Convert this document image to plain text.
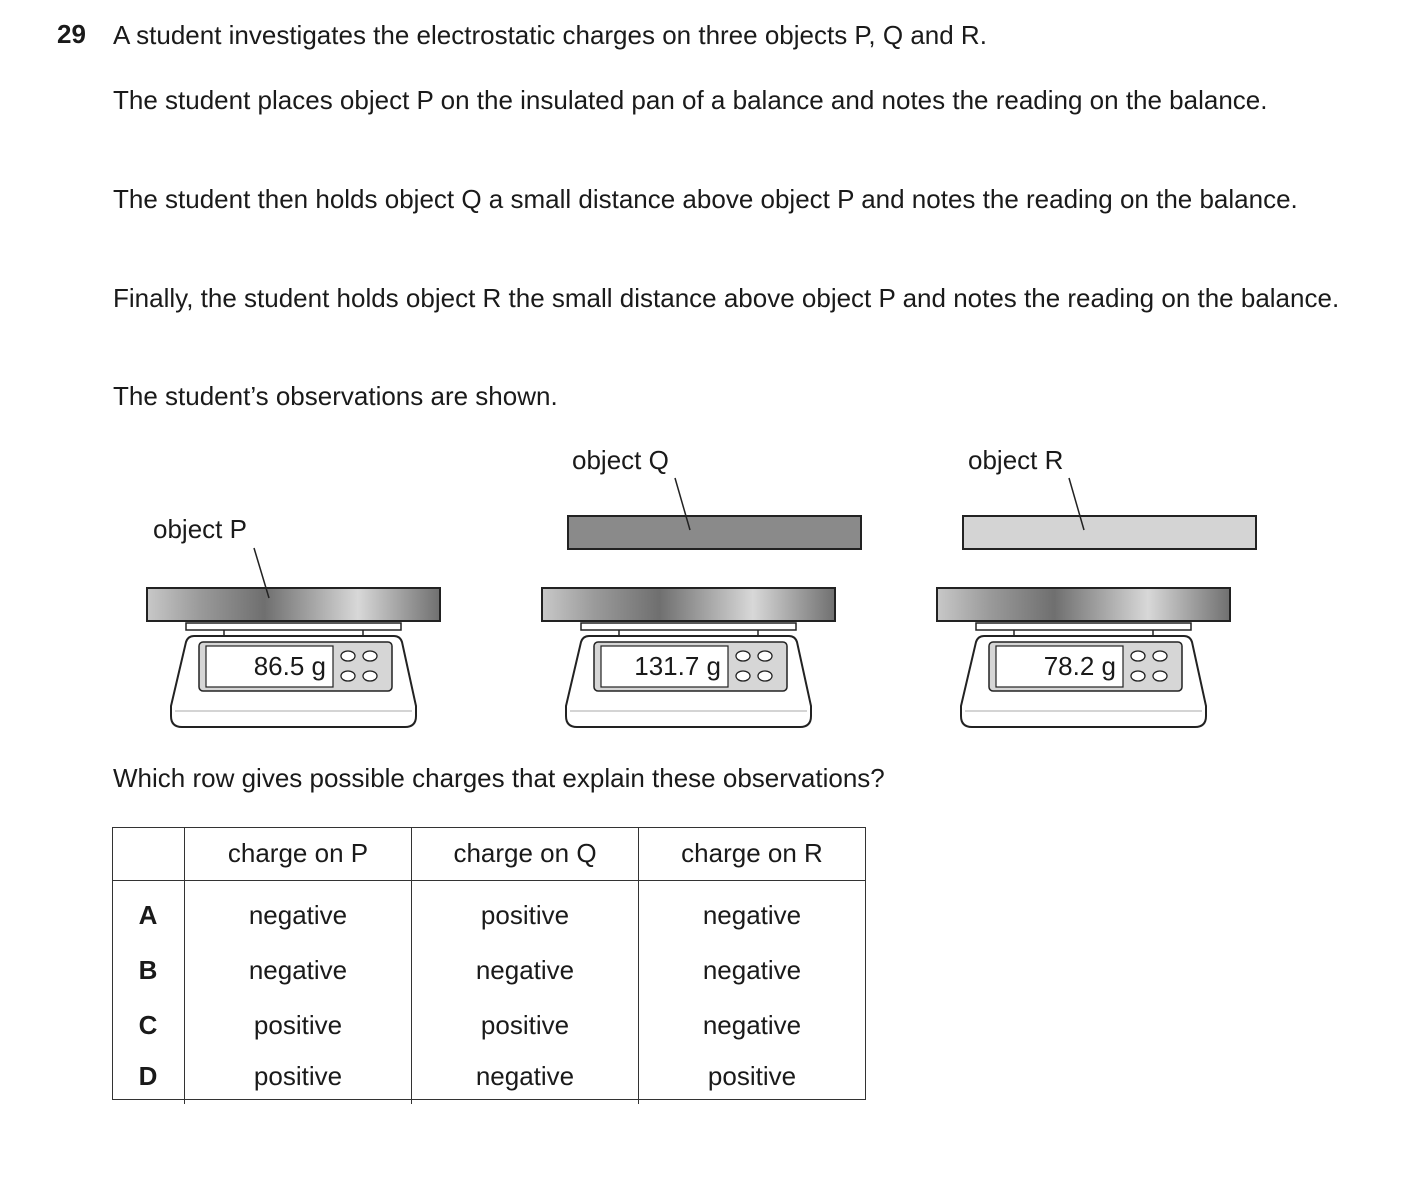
29 A student investigates the electrostatic charges on three objects P, Q and R.

The student places object P on the insulated pan of a balance and notes the reading on the balance.

The student then holds object Q a small distance above object P and notes the reading on the balance.

Finally, the student holds object R the small distance above object P and notes the reading on the balance.

The student’s observations are shown.

object P
object Q	object R
86.5 g	131.7 g	78.2 g

Which row gives possible charges that explain these observations?

	charge on P	charge on Q	charge on R
A	negative	positive	negative
B	negative	negative	negative
C	positive	positive	negative
D	positive	negative	positive
